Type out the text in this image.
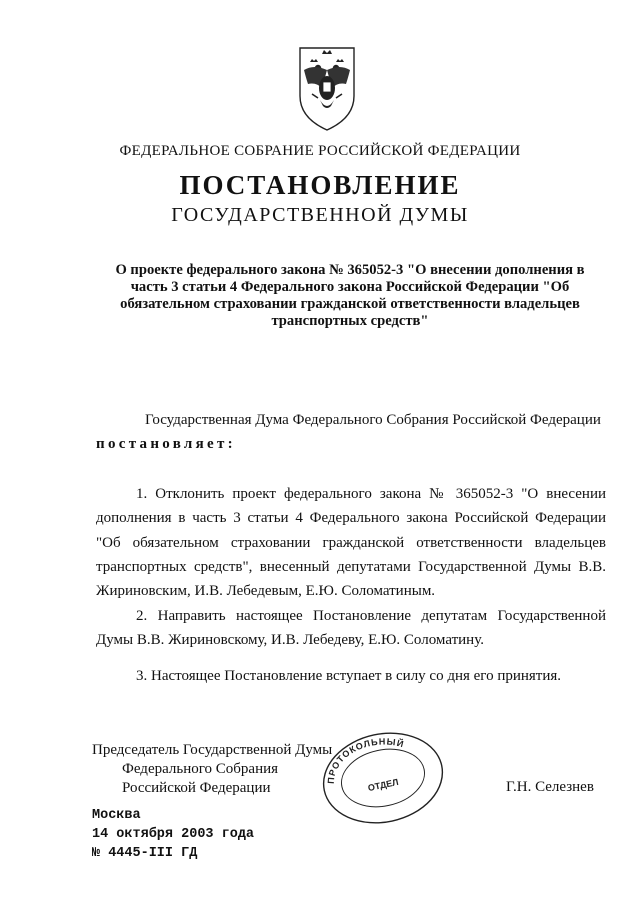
ФЕДЕРАЛЬНОЕ СОБРАНИЕ РОССИЙСКОЙ ФЕДЕРАЦИИ
ПОСТАНОВЛЕНИЕ
ГОСУДАРСТВЕННОЙ ДУМЫ
О проекте федерального закона № 365052-3 "О внесении дополнения в часть 3 статьи 4 Федерального закона Российской Федерации "Об обязательном страховании гражданской ответственности владельцев транспортных средств"
Государственная Дума Федерального Собрания Российской Федерации
постановляет:
1. Отклонить проект федерального закона № 365052-3 "О внесении дополнения в часть 3 статьи 4 Федерального закона Российской Федерации "Об обязательном страховании гражданской ответственности владельцев транспортных средств", внесенный депутатами Государственной Думы В.В. Жириновским, И.В. Лебедевым, Е.Ю. Соломатиным.
2. Направить настоящее Постановление депутатам Государственной Думы В.В. Жириновскому, И.В. Лебедеву, Е.Ю. Соломатину.
3. Настоящее Постановление вступает в силу со дня его принятия.
ПРОТОКОЛЬНЫЙ
ОТДЕЛ
Председатель Государственной Думы
Федерального Собрания
Российской Федерации	Г.Н. Селезнев
Москва
14 октября 2003 года
№ 4445-III ГД
